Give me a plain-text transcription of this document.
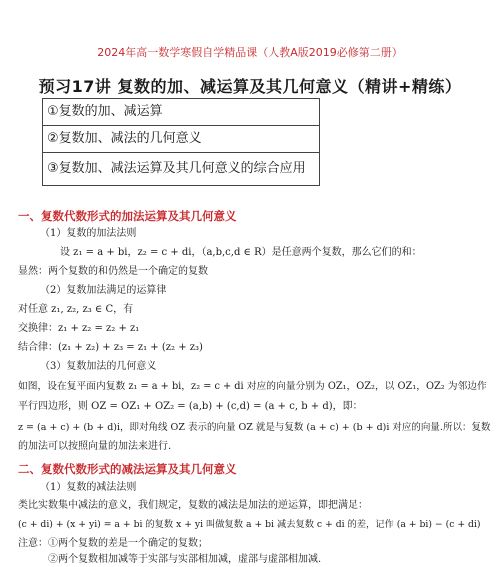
2024年高一数学寒假自学精品课（人教A版2019必修第二册）
预习17讲 复数的加、减运算及其几何意义（精讲+精练）
①复数的加、减运算
②复数加、减法的几何意义
③复数加、减法运算及其几何意义的综合应用
一、复数代数形式的加法运算及其几何意义
（1）复数的加法法则
设 z₁ = a + bi，z₂ = c + di，（a,b,c,d ∈ R）是任意两个复数，那么它们的和：
显然：两个复数的和仍然是一个确定的复数
（2）复数加法满足的运算律
对任意 z₁, z₂, z₃ ∈ C，有
交换律：z₁ + z₂ = z₂ + z₁
结合律：(z₁ + z₂) + z₃ = z₁ + (z₂ + z₃)
（3）复数加法的几何意义
如图，设在复平面内复数 z₁ = a + bi，z₂ = c + di 对应的向量分别为 OZ₁，OZ₂，以 OZ₁，OZ₂ 为邻边作
平行四边形，则 OZ = OZ₁ + OZ₂ = (a,b) + (c,d) = (a + c, b + d)，即：
z = (a + c) + (b + d)i，即对角线 OZ 表示的向量 OZ 就是与复数 (a + c) + (b + d)i 对应的向量.所以：复数
的加法可以按照向量的加法来进行.
二、复数代数形式的减法运算及其几何意义
（1）复数的减法法则
类比实数集中减法的意义，我们规定，复数的减法是加法的逆运算，即把满足：
(c + di) + (x + yi) = a + bi 的复数 x + yi 叫做复数 a + bi 减去复数 c + di 的差，记作 (a + bi) − (c + di)
注意：①两个复数的差是一个确定的复数；
②两个复数相加减等于实部与实部相加减，虚部与虚部相加减.
